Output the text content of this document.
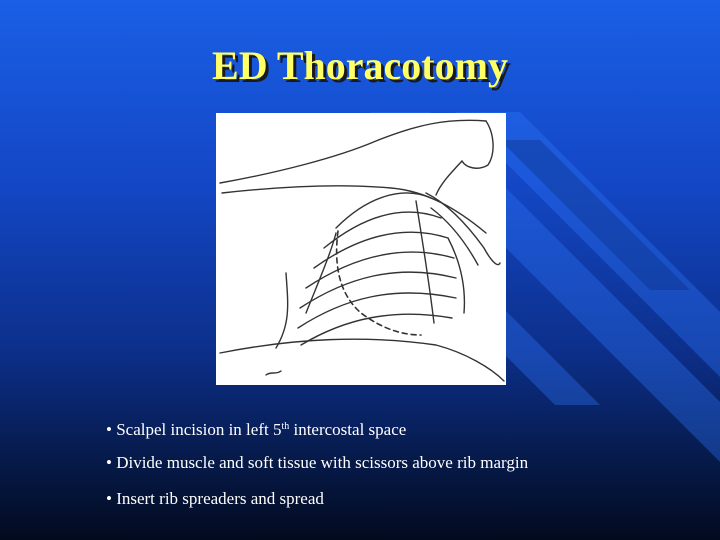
ED Thoracotomy
• Scalpel incision in left 5th intercostal space
• Divide muscle and soft tissue with scissors above rib margin
• Insert rib spreaders and spread
